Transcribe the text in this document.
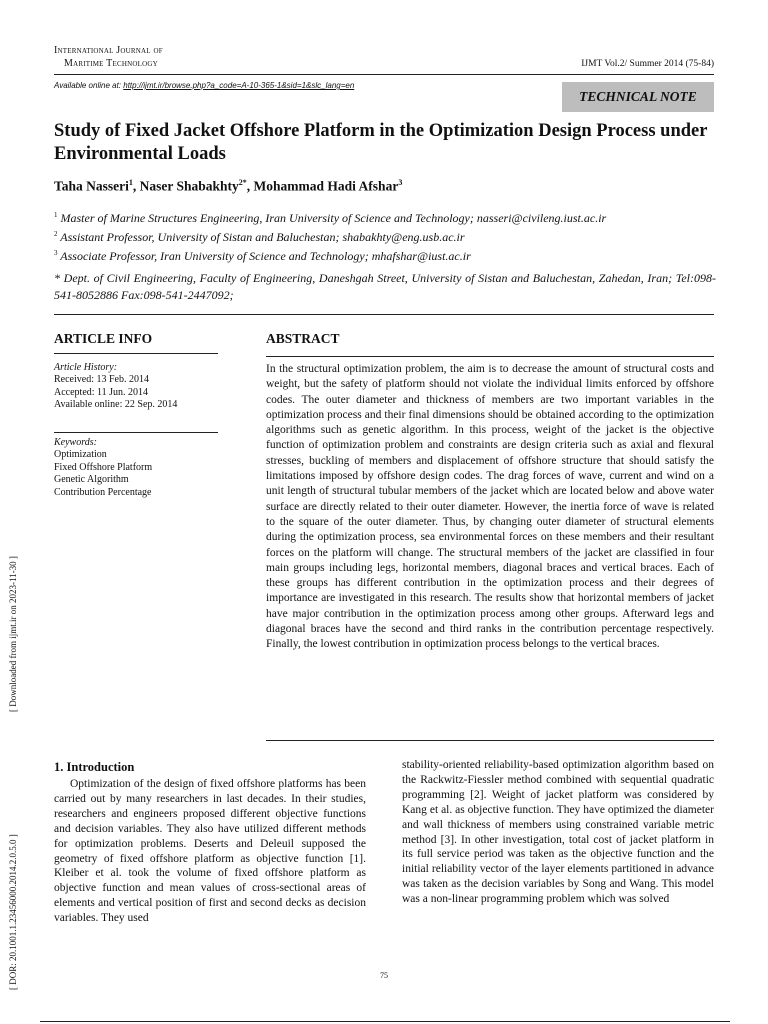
International Journal of
Maritime Technology	IJMT Vol.2/ Summer 2014 (75-84)
Available online at: http://ijmt.ir/browse.php?a_code=A-10-365-1&sid=1&slc_lang=en
TECHNICAL NOTE
Study of Fixed Jacket Offshore Platform in the Optimization Design Process under Environmental Loads
Taha Nasseri$^1$, Naser Shabakhty$^{2*}$, Mohammad Hadi Afshar$^3$
$^1$ Master of Marine Structures Engineering, Iran University of Science and Technology; nasseri@civileng.iust.ac.ir
$^2$ Assistant Professor, University of Sistan and Baluchestan; shabakhty@eng.usb.ac.ir
$^3$ Associate Professor, Iran University of Science and Technology; mhafshar@iust.ac.ir
* Dept. of Civil Engineering, Faculty of Engineering, Daneshgah Street, University of Sistan and Baluchestan, Zahedan, Iran; Tel:098-541-8052886 Fax:098-541-2447092;
ARTICLE INFO
Article History:
Received: 13 Feb. 2014
Accepted: 11 Jun. 2014
Available online: 22 Sep. 2014
Keywords:
Optimization
Fixed Offshore Platform
Genetic Algorithm
Contribution Percentage
ABSTRACT
In the structural optimization problem, the aim is to decrease the amount of structural costs and weight, but the safety of platform should not violate the individual limits enforced by offshore codes. The outer diameter and thickness of members are two important variables in the optimization process and their final dimensions should be obtained according to the optimization algorithms such as genetic algorithm. In this process, weight of the jacket is the objective function of optimization problem and constraints are design criteria such as axial and flexural stresses, buckling of members and displacement of offshore structure that should satisfy the limitations imposed by offshore design codes. The drag forces of wave, current and wind on a unit length of structural tubular members of the jacket which are located below and above water surface are directly related to their outer diameter. However, the inertia force of wave is related to the square of the outer diameter. Thus, by changing outer diameter of structural elements during the optimization process, sea environmental forces on these members and their resultant forces on the platform will change. The structural members of the jacket are classified in four main groups including legs, horizontal members, diagonal braces and vertical braces. Each of these groups has different contribution in the optimization process and their degrees of importance are investigated in this research. The results show that horizontal members of jacket have major contribution in the optimization process among other groups. Afterward legs and diagonal braces have the second and third ranks in the contribution percentage respectively. Finally, the lowest contribution in optimization process belongs to the vertical braces.
1. Introduction
Optimization of the design of fixed offshore platforms has been carried out by many researchers in last decades. In their studies, researchers and engineers proposed different objective functions and decision variables. They also have utilized different methods for optimization problems. Deserts and Deleuil supposed the geometry of fixed offshore platform as objective function [1]. Kleiber et al. took the volume of fixed offshore platform as objective function and mean values of cross-sectional areas of elements and vertical position of first and second decks as decision variables. They used
stability-oriented reliability-based optimization algorithm based on the Rackwitz-Fiessler method combined with sequential quadratic programming [2]. Weight of jacket platform was considered by Kang et al. as objective function. They have optimized the diameter and wall thickness of members using constrained variable metric method [3]. In other investigation, total cost of jacket platform in its full service period was taken as the objective function and the initial reliability vector of the layer elements partitioned in advance was taken as the decision variables by Song and Wang. This model was a non-linear programming problem which was solved
75
[ Downloaded from ijmt.ir on 2023-11-30 ]
[ DOR: 20.1001.1.23456000.2014.2.0.5.0 ]
